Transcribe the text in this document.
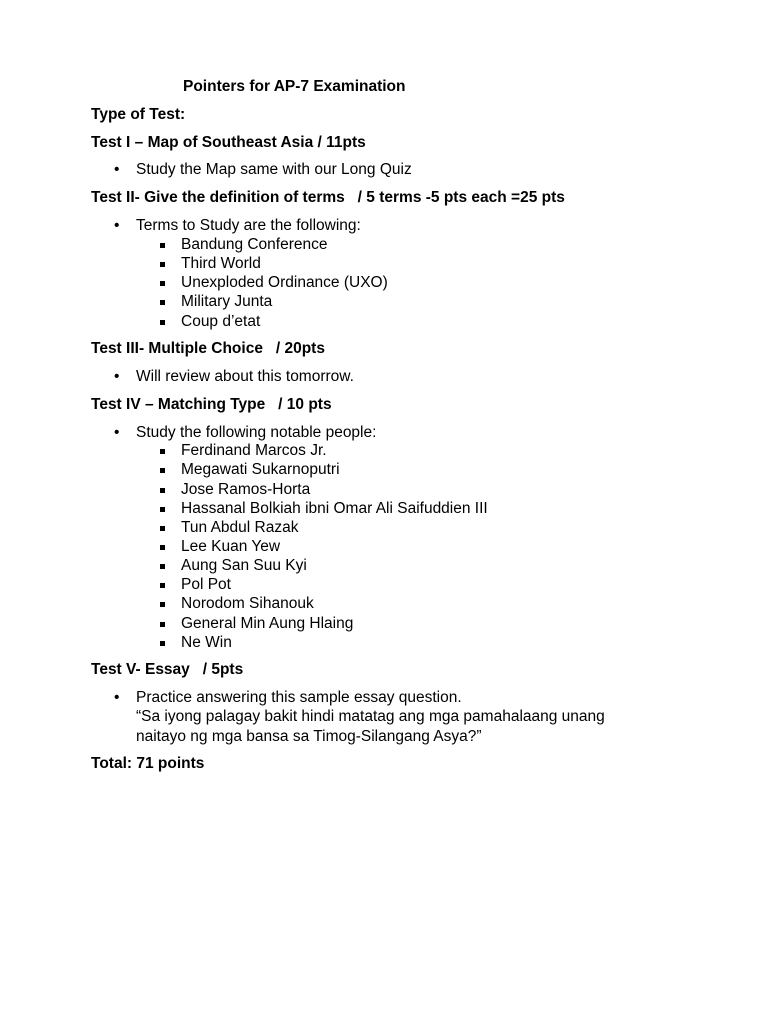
Pointers for AP-7 Examination
Type of Test:
Test I – Map of Southeast Asia / 11pts

•

Study the Map same with our Long Quiz

Test II- Give the definition of terms   / 5 terms -5 pts each =25 pts

•

Terms to Study are the following:

Bandung Conference

Third World

Unexploded Ordinance (UXO)

Military Junta

Coup d’etat

Test III- Multiple Choice   / 20pts

•

Will review about this tomorrow.

Test IV – Matching Type   / 10 pts

•

Study the following notable people:

Ferdinand Marcos Jr.

Megawati Sukarnoputri

Jose Ramos-Horta

Hassanal Bolkiah ibni Omar Ali Saifuddien III

Tun Abdul Razak

Lee Kuan Yew

Aung San Suu Kyi

Pol Pot

Norodom Sihanouk

General Min Aung Hlaing

Ne Win

Test V- Essay   / 5pts

•

Practice answering this sample essay question.

“Sa iyong palagay bakit hindi matatag ang mga pamahalaang unang
naitayo ng mga bansa sa Timog-Silangang Asya?”
Total: 71 points
